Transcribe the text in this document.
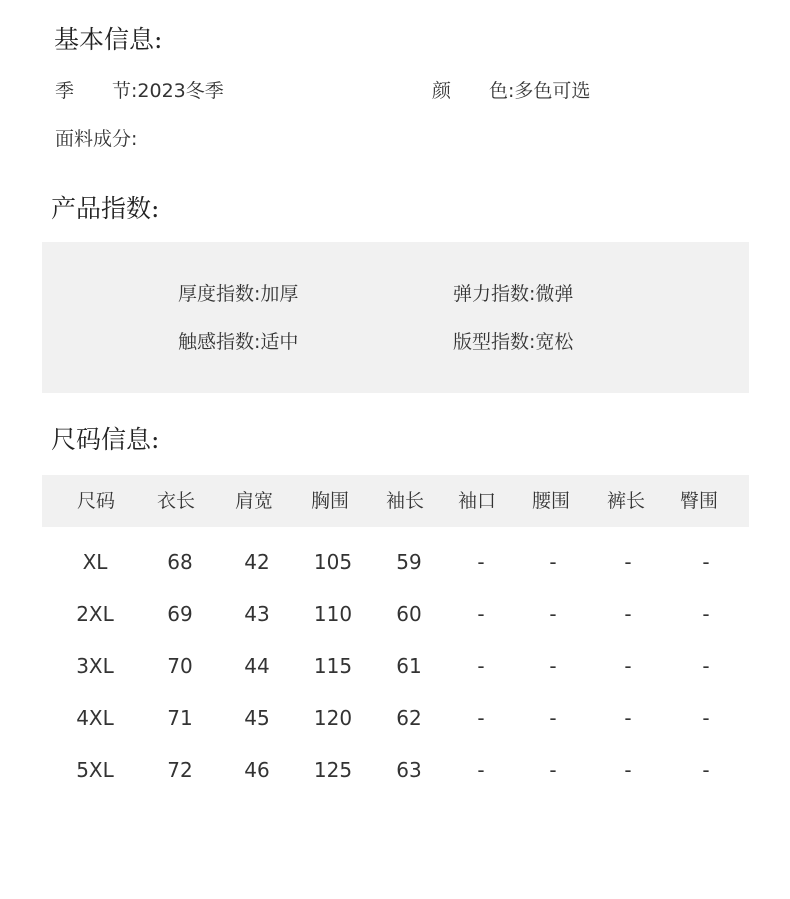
基本信息:
季　　节:2023冬季	颜　　色:多色可选
面料成分:
产品指数:
厚度指数:加厚	弹力指数:微弹
触感指数:适中	版型指数:宽松
尺码信息:
尺码 衣长 肩宽 胸围 袖长 袖口 腰围 裤长 臀围
XL	68	42 105 59	-	-	-	-
2XL	69	43 110 60	-	-	-	-
3XL	70	44 115 61	-	-	-	-
4XL	71	45 120 62	-	-	-	-
5XL	72	46 125 63	-	-	-	-
